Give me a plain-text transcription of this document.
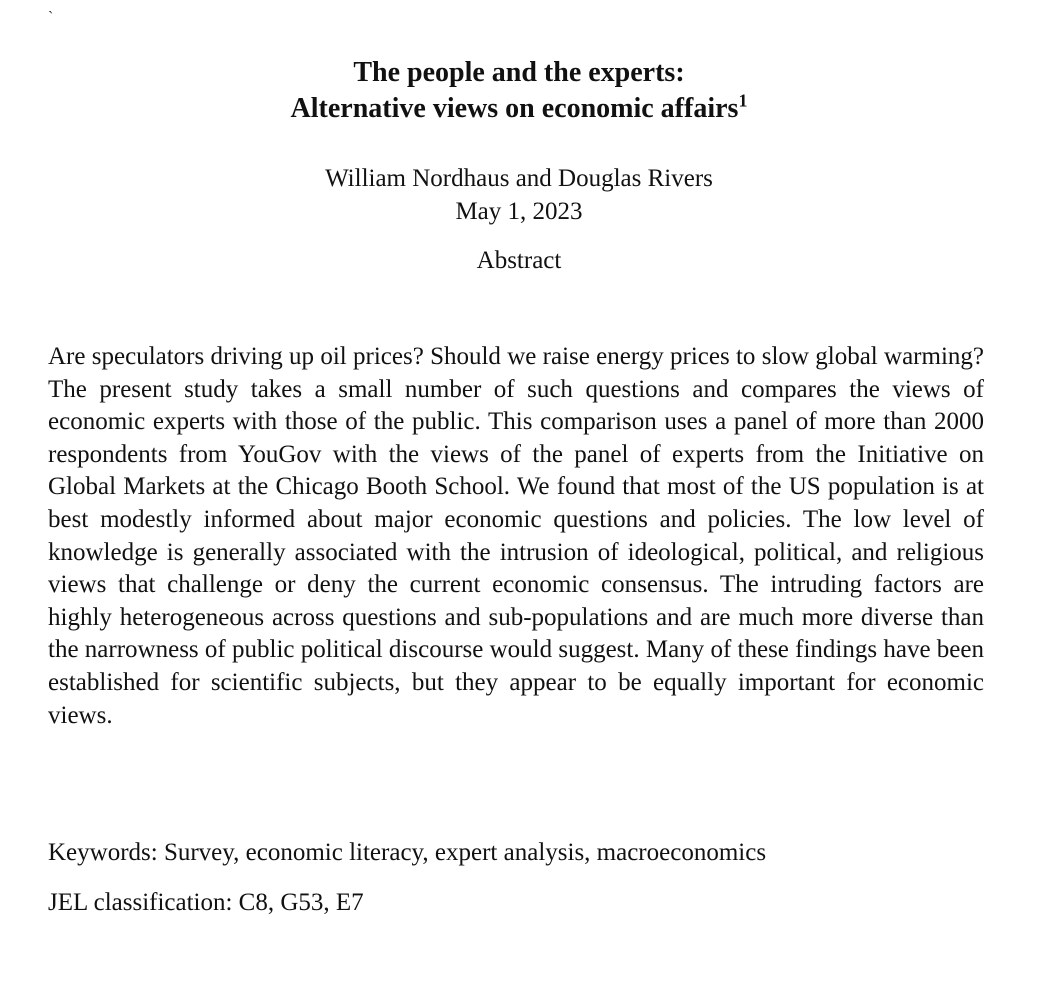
`
The people and the experts:
Alternative views on economic affairs$^1$
William Nordhaus and Douglas Rivers
May 1, 2023
Abstract
Are speculators driving up oil prices? Should we raise energy prices to slow global warming? The present study takes a small number of such questions and compares the views of economic experts with those of the public. This comparison uses a panel of more than 2000 respondents from YouGov with the views of the panel of experts from the Initiative on Global Markets at the Chicago Booth School. We found that most of the US population is at best modestly informed about major economic questions and policies. The low level of knowledge is generally associated with the intrusion of ideological, political, and religious views that challenge or deny the current economic consensus. The intruding factors are highly heterogeneous across questions and sub-populations and are much more diverse than the narrowness of public political discourse would suggest. Many of these findings have been established for scientific subjects, but they appear to be equally important for economic views.
Keywords: Survey, economic literacy, expert analysis, macroeconomics
JEL classification: C8, G53, E7
